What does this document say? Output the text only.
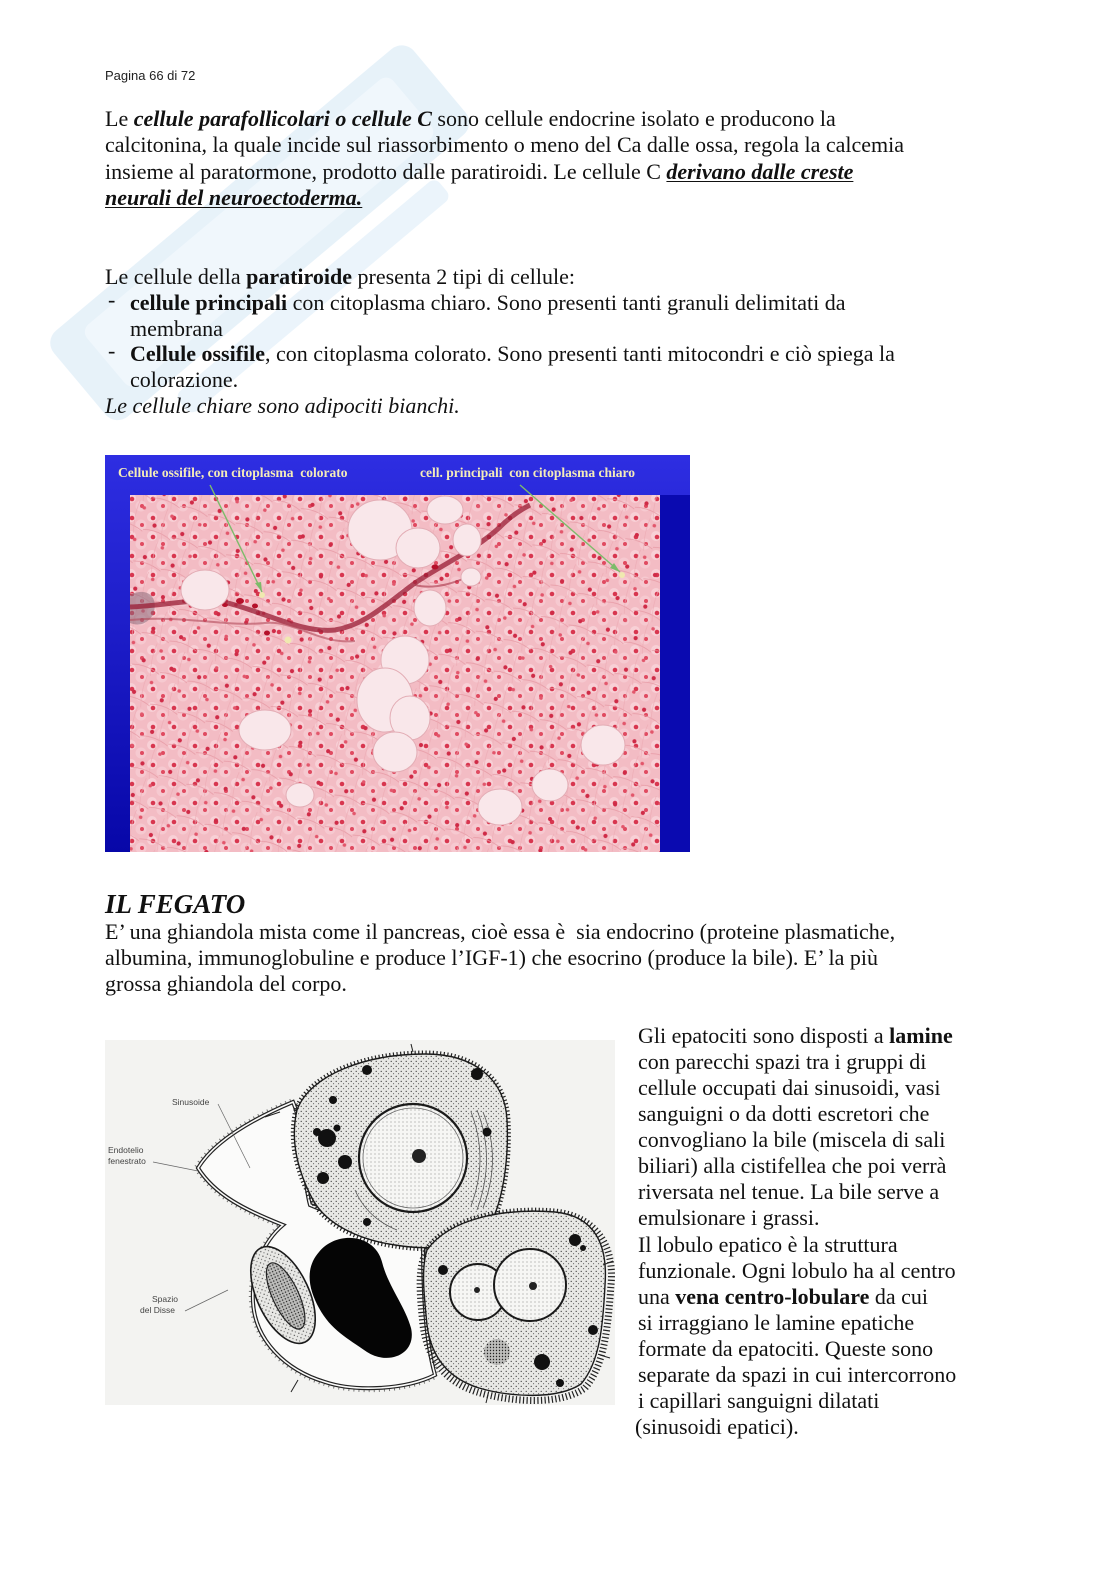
Pagina 66 di 72
Le cellule parafollicolari o cellule C sono cellule endocrine isolato e producono la
calcitonina, la quale incide sul riassorbimento o meno del Ca dalle ossa, regola la calcemia
insieme al paratormone, prodotto dalle paratiroidi. Le cellule C derivano dalle creste
neurali del neuroectoderma.
Le cellule della paratiroide presenta 2 tipi di cellule:
- cellule principali con citoplasma chiaro. Sono presenti tanti granuli delimitati da
membrana
- Cellule ossifile, con citoplasma colorato. Sono presenti tanti mitocondri e ciò spiega la
colorazione.
Le cellule chiare sono adipociti bianchi.
Cellule ossifile, con citoplasma  colorato	cell. principali  con citoplasma chiaro
IL FEGATO
E’ una ghiandola mista come il pancreas, cioè essa è  sia endocrino (proteine plasmatiche,
albumina, immunoglobuline e produce l’IGF-1) che esocrino (produce la bile). E’ la più
grossa ghiandola del corpo.
Sinusoide
Endotelio
fenestrato
Spazio
del Disse
Gli epatociti sono disposti a lamine
con parecchi spazi tra i gruppi di
cellule occupati dai sinusoidi, vasi
sanguigni o da dotti escretori che
convogliano la bile (miscela di sali
biliari) alla cistifellea che poi verrà
riversata nel tenue. La bile serve a
emulsionare i grassi.
Il lobulo epatico è la struttura
funzionale. Ogni lobulo ha al centro
una vena centro-lobulare da cui
si irraggiano le lamine epatiche
formate da epatociti. Queste sono
separate da spazi in cui intercorrono
i capillari sanguigni dilatati
(sinusoidi epatici).
